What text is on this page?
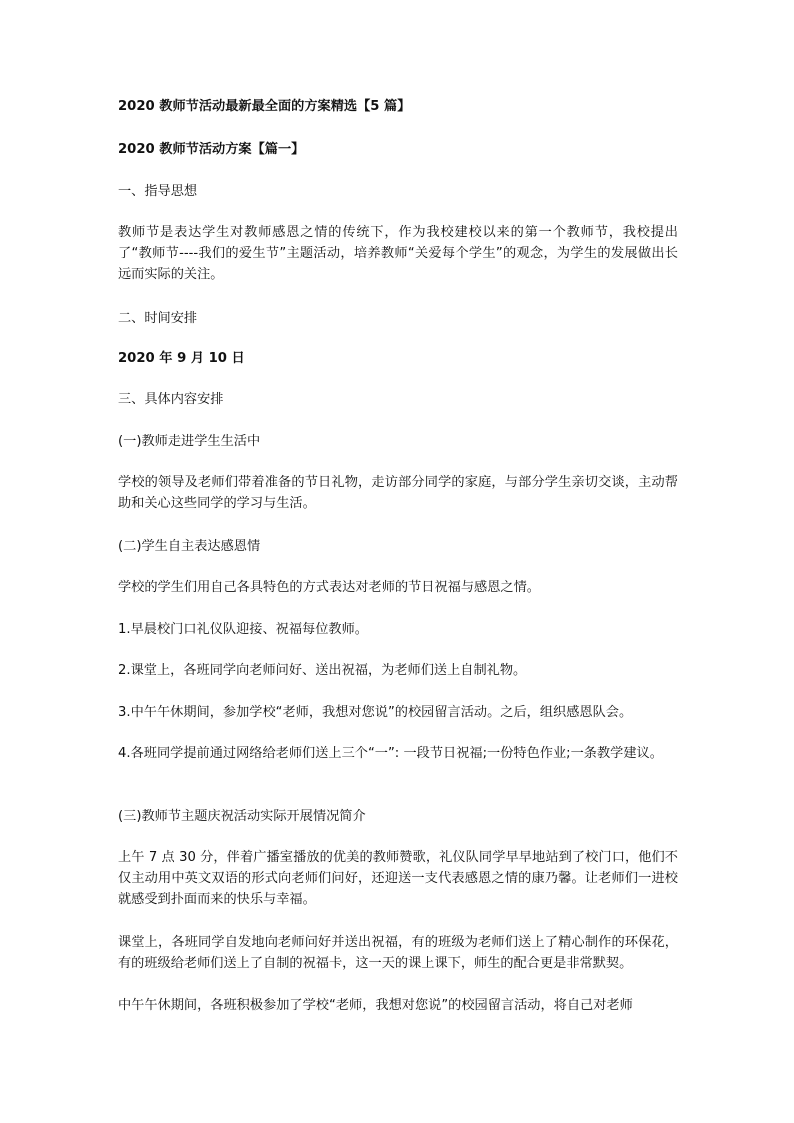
2020 教师节活动最新最全面的方案精选【5 篇】

2020 教师节活动方案【篇一】

一、指导思想

教师节是表达学生对教师感恩之情的传统下，作为我校建校以来的第一个教师节，我校提出了“教师节----我们的爱生节”主题活动，培养教师“关爱每个学生”的观念，为学生的发展做出长远而实际的关注。

二、时间安排

2020 年 9 月 10 日

三、具体内容安排

(一)教师走进学生生活中

学校的领导及老师们带着准备的节日礼物，走访部分同学的家庭，与部分学生亲切交谈，主动帮助和关心这些同学的学习与生活。

(二)学生自主表达感恩情

学校的学生们用自己各具特色的方式表达对老师的节日祝福与感恩之情。

1.早晨校门口礼仪队迎接、祝福每位教师。

2.课堂上，各班同学向老师问好、送出祝福，为老师们送上自制礼物。

3.中午午休期间，参加学校“老师，我想对您说”的校园留言活动。之后，组织感恩队会。

4.各班同学提前通过网络给老师们送上三个“一”: 一段节日祝福;一份特色作业;一条教学建议。

(三)教师节主题庆祝活动实际开展情况简介

上午 7 点 30 分，伴着广播室播放的优美的教师赞歌，礼仪队同学早早地站到了校门口，他们不仅主动用中英文双语的形式向老师们问好，还迎送一支代表感恩之情的康乃馨。让老师们一进校就感受到扑面而来的快乐与幸福。

课堂上，各班同学自发地向老师问好并送出祝福，有的班级为老师们送上了精心制作的环保花，有的班级给老师们送上了自制的祝福卡，这一天的课上课下，师生的配合更是非常默契。

中午午休期间，各班积极参加了学校“老师，我想对您说”的校园留言活动，将自己对老师
